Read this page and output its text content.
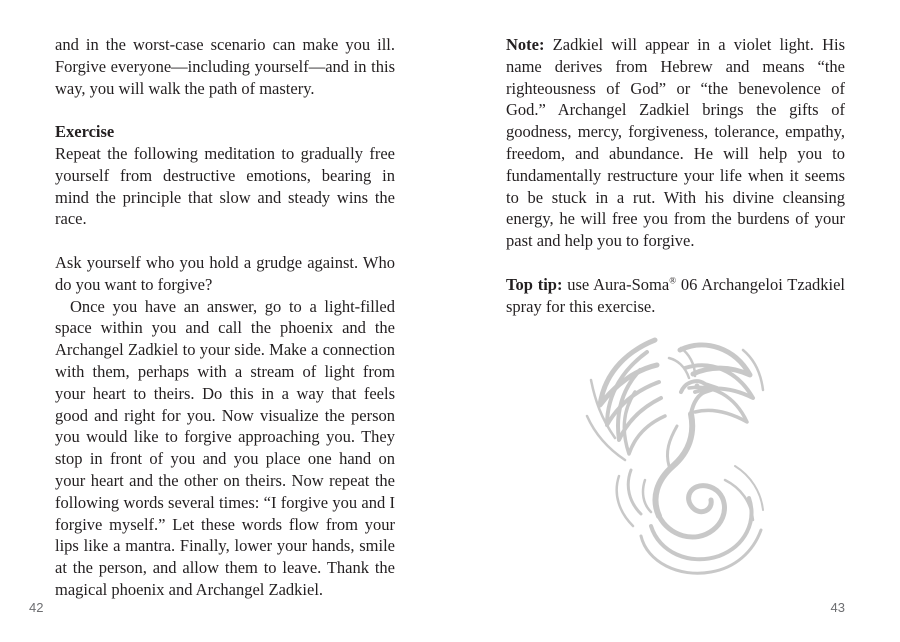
and in the worst-case scenario can make you ill. Forgive everyone—including yourself—and in this way, you will walk the path of mastery.

Exercise

Repeat the following meditation to gradually free yourself from destructive emotions, bearing in mind the principle that slow and steady wins the race.

Ask yourself who you hold a grudge against. Who do you want to forgive?

Once you have an answer, go to a light-filled space within you and call the phoenix and the Archangel Zadkiel to your side. Make a connection with them, perhaps with a stream of light from your heart to theirs. Do this in a way that feels good and right for you. Now visualize the person you would like to forgive approaching you. They stop in front of you and you place one hand on your heart and the other on theirs. Now repeat the following words several times: “I forgive you and I forgive myself.” Let these words flow from your lips like a mantra. Finally, lower your hands, smile at the person, and allow them to leave. Thank the magical phoenix and Archangel Zadkiel.

42

Note: Zadkiel will appear in a violet light. His name derives from Hebrew and means “the righteousness of God” or “the benevolence of God.” Archangel Zadkiel brings the gifts of goodness, mercy, forgiveness, tolerance, empathy, freedom, and abundance. He will help you to fundamentally restructure your life when it seems to be stuck in a rut. With his divine cleansing energy, he will free you from the burdens of your past and help you to forgive.

Top tip: use Aura-Soma® 06 Archangeloi Tzadkiel spray for this exercise.

43
